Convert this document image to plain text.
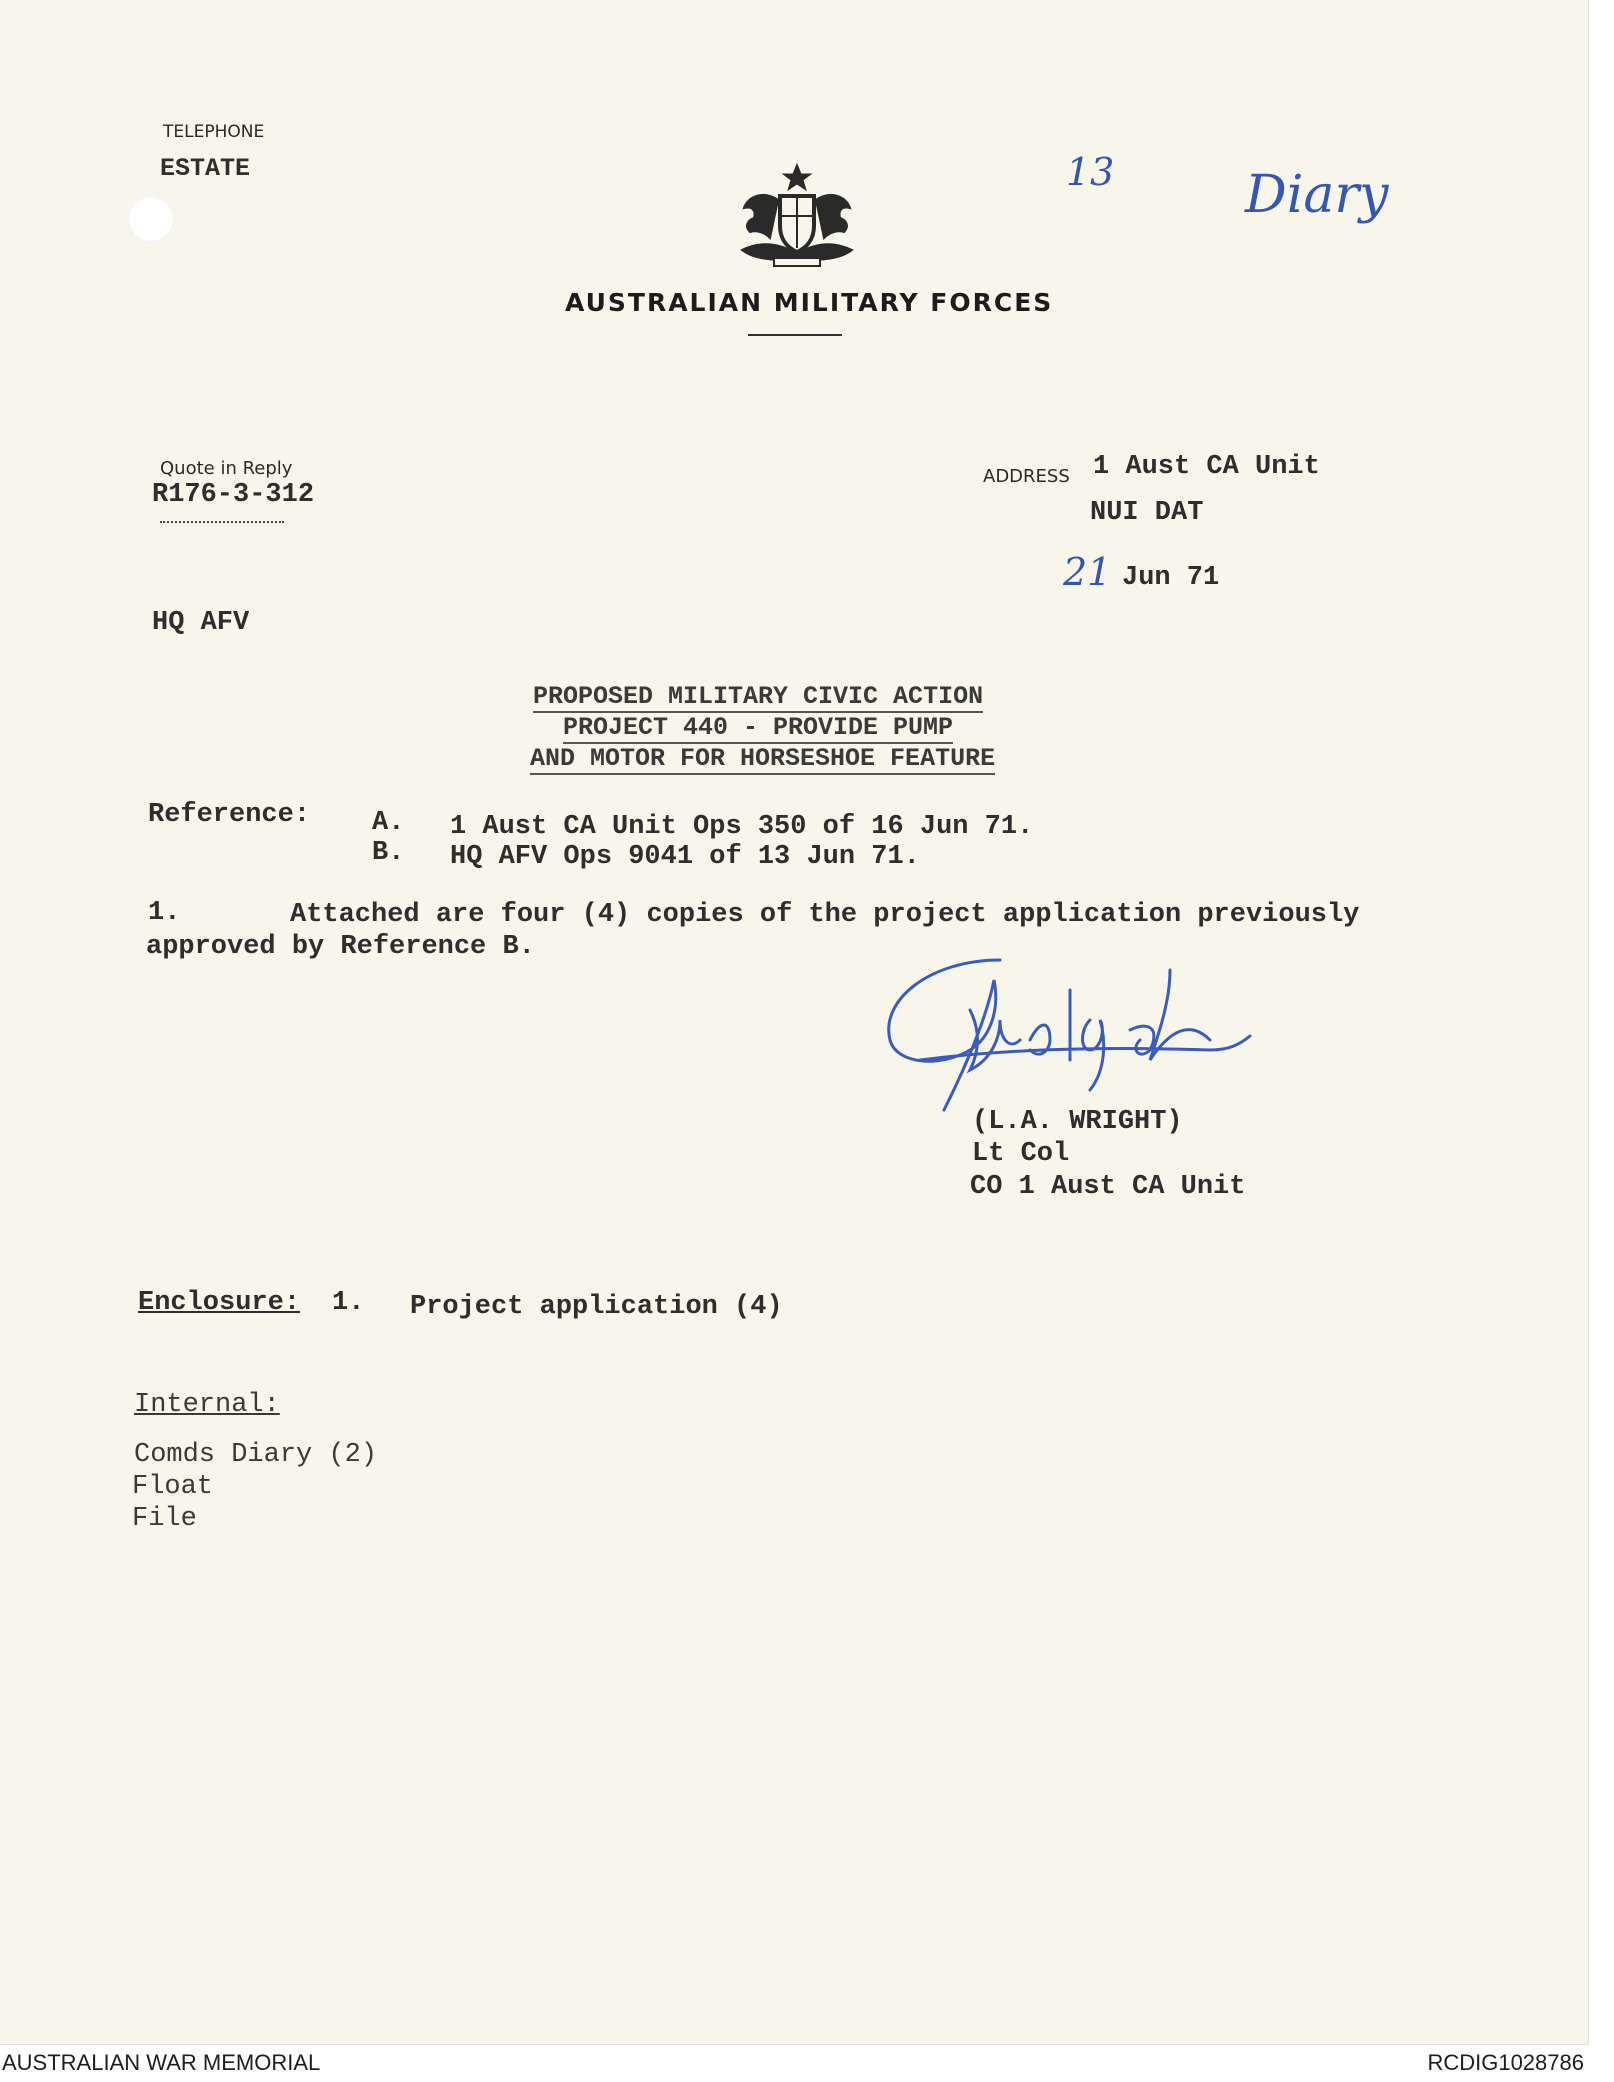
TELEPHONE
ESTATE
AUSTRALIAN MILITARY FORCES
13	Diary
Quote in Reply
R176-3-312
ADDRESS 1 Aust CA Unit
NUI DAT
21 Jun 71
HQ AFV
PROPOSED MILITARY CIVIC ACTION
PROJECT 440 - PROVIDE PUMP
AND MOTOR FOR HORSESHOE FEATURE
Reference: A. 1 Aust CA Unit Ops 350 of 16 Jun 71.
B. HQ AFV Ops 9041 of 13 Jun 71.
1.	Attached are four (4) copies of the project application previously
approved by Reference B.
(L.A. WRIGHT)
Lt Col
CO 1 Aust CA Unit
Enclosure: 1. Project application (4)
Internal:
Comds Diary (2)
Float
File
AUSTRALIAN WAR MEMORIAL	RCDIG1028786
